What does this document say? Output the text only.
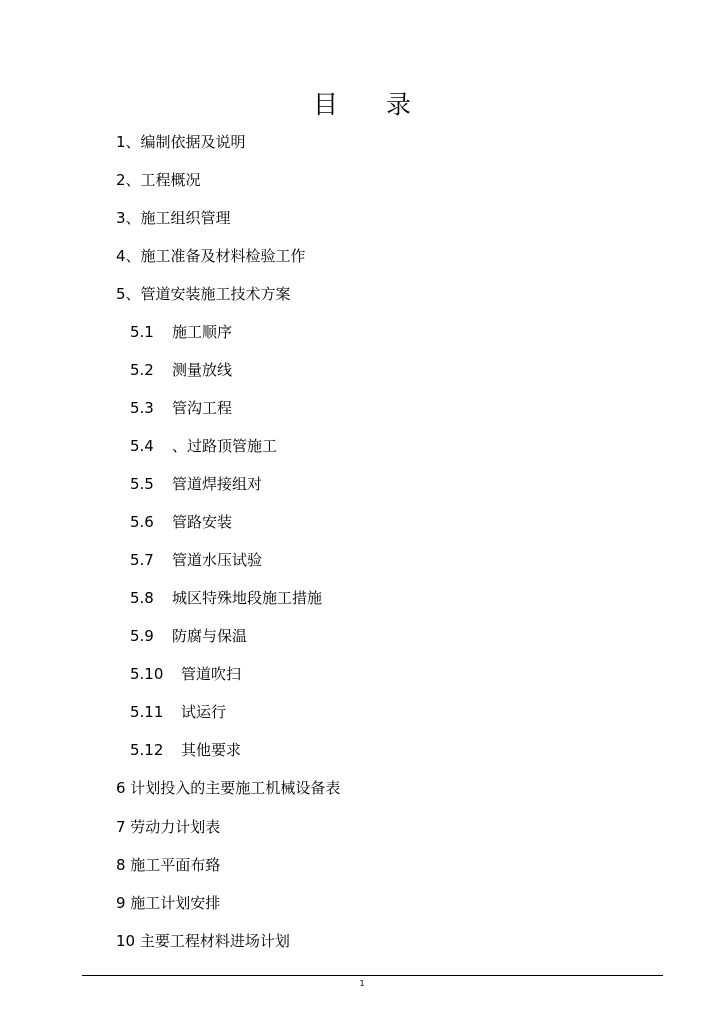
目 录
1、编制依据及说明
2、工程概况
3、施工组织管理
4、施工准备及材料检验工作
5、管道安装施工技术方案
5.1 施工顺序
5.2 测量放线
5.3 管沟工程
5.4 、过路顶管施工
5.5 管道焊接组对
5.6 管路安装
5.7 管道水压试验
5.8 城区特殊地段施工措施
5.9 防腐与保温
5.10 管道吹扫
5.11 试运行
5.12 其他要求
6 计划投入的主要施工机械设备表
7 劳动力计划表
8 施工平面布臵
9 施工计划安排
10 主要工程材料进场计划
1
